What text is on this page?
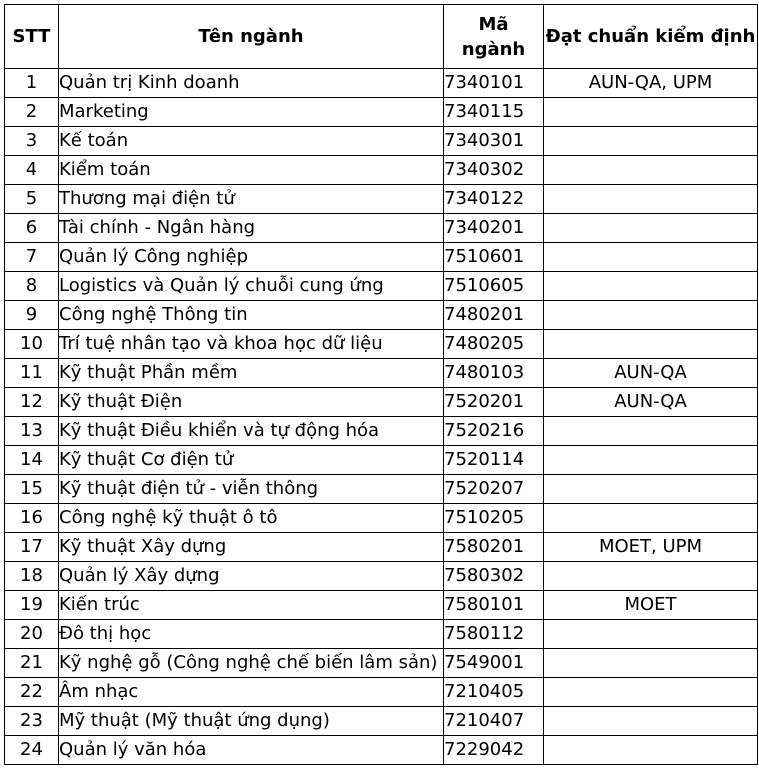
STT	Tên ngành	Mã ngành	Đạt chuẩn kiểm định
1	Quản trị Kinh doanh	7340101	AUN-QA, UPM
2	Marketing	7340115	
3	Kế toán	7340301	
4	Kiểm toán	7340302	
5	Thương mại điện tử	7340122	
6	Tài chính - Ngân hàng	7340201	
7	Quản lý Công nghiệp	7510601	
8	Logistics và Quản lý chuỗi cung ứng	7510605	
9	Công nghệ Thông tin	7480201	
10	Trí tuệ nhân tạo và khoa học dữ liệu	7480205	
11	Kỹ thuật Phần mềm	7480103	AUN-QA
12	Kỹ thuật Điện	7520201	AUN-QA
13	Kỹ thuật Điều khiển và tự động hóa	7520216	
14	Kỹ thuật Cơ điện tử	7520114	
15	Kỹ thuật điện tử - viễn thông	7520207	
16	Công nghệ kỹ thuật ô tô	7510205	
17	Kỹ thuật Xây dựng	7580201	MOET, UPM
18	Quản lý Xây dựng	7580302	
19	Kiến trúc	7580101	MOET
20	Đô thị học	7580112	
21	Kỹ nghệ gỗ (Công nghệ chế biến lâm sản)	7549001	
22	Âm nhạc	7210405	
23	Mỹ thuật (Mỹ thuật ứng dụng)	7210407	
24	Quản lý văn hóa	7229042	
